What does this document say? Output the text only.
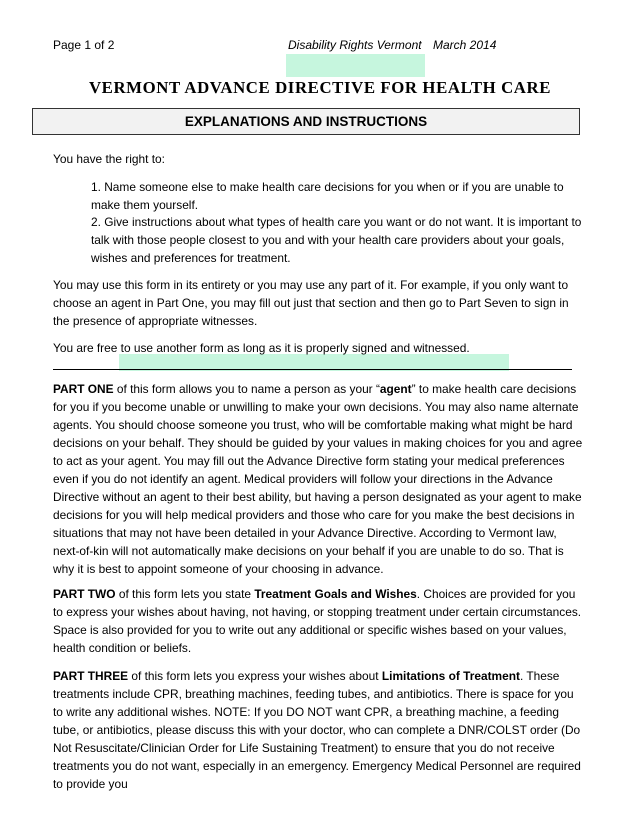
Page 1 of 2	Disability Rights Vermont March 2014
VERMONT ADVANCE DIRECTIVE FOR HEALTH CARE
EXPLANATIONS AND INSTRUCTIONS
You have the right to:
1. Name someone else to make health care decisions for you when or if you are unable to make them yourself.
2. Give instructions about what types of health care you want or do not want. It is important to talk with those people closest to you and with your health care providers about your goals, wishes and preferences for treatment.
You may use this form in its entirety or you may use any part of it. For example, if you only want to choose an agent in Part One, you may fill out just that section and then go to Part Seven to sign in the presence of appropriate witnesses.
You are free to use another form as long as it is properly signed and witnessed.
PART ONE of this form allows you to name a person as your “agent” to make health care decisions for you if you become unable or unwilling to make your own decisions. You may also name alternate agents. You should choose someone you trust, who will be comfortable making what might be hard decisions on your behalf. They should be guided by your values in making choices for you and agree to act as your agent. You may fill out the Advance Directive form stating your medical preferences even if you do not identify an agent. Medical providers will follow your directions in the Advance Directive without an agent to their best ability, but having a person designated as your agent to make decisions for you will help medical providers and those who care for you make the best decisions in situations that may not have been detailed in your Advance Directive. According to Vermont law, next-of-kin will not automatically make decisions on your behalf if you are unable to do so. That is why it is best to appoint someone of your choosing in advance.
PART TWO of this form lets you state Treatment Goals and Wishes. Choices are provided for you to express your wishes about having, not having, or stopping treatment under certain circumstances. Space is also provided for you to write out any additional or specific wishes based on your values, health condition or beliefs.
PART THREE of this form lets you express your wishes about Limitations of Treatment. These treatments include CPR, breathing machines, feeding tubes, and antibiotics. There is space for you to write any additional wishes. NOTE: If you DO NOT want CPR, a breathing machine, a feeding tube, or antibiotics, please discuss this with your doctor, who can complete a DNR/COLST order (Do Not Resuscitate/Clinician Order for Life Sustaining Treatment) to ensure that you do not receive treatments you do not want, especially in an emergency. Emergency Medical Personnel are required to provide you
